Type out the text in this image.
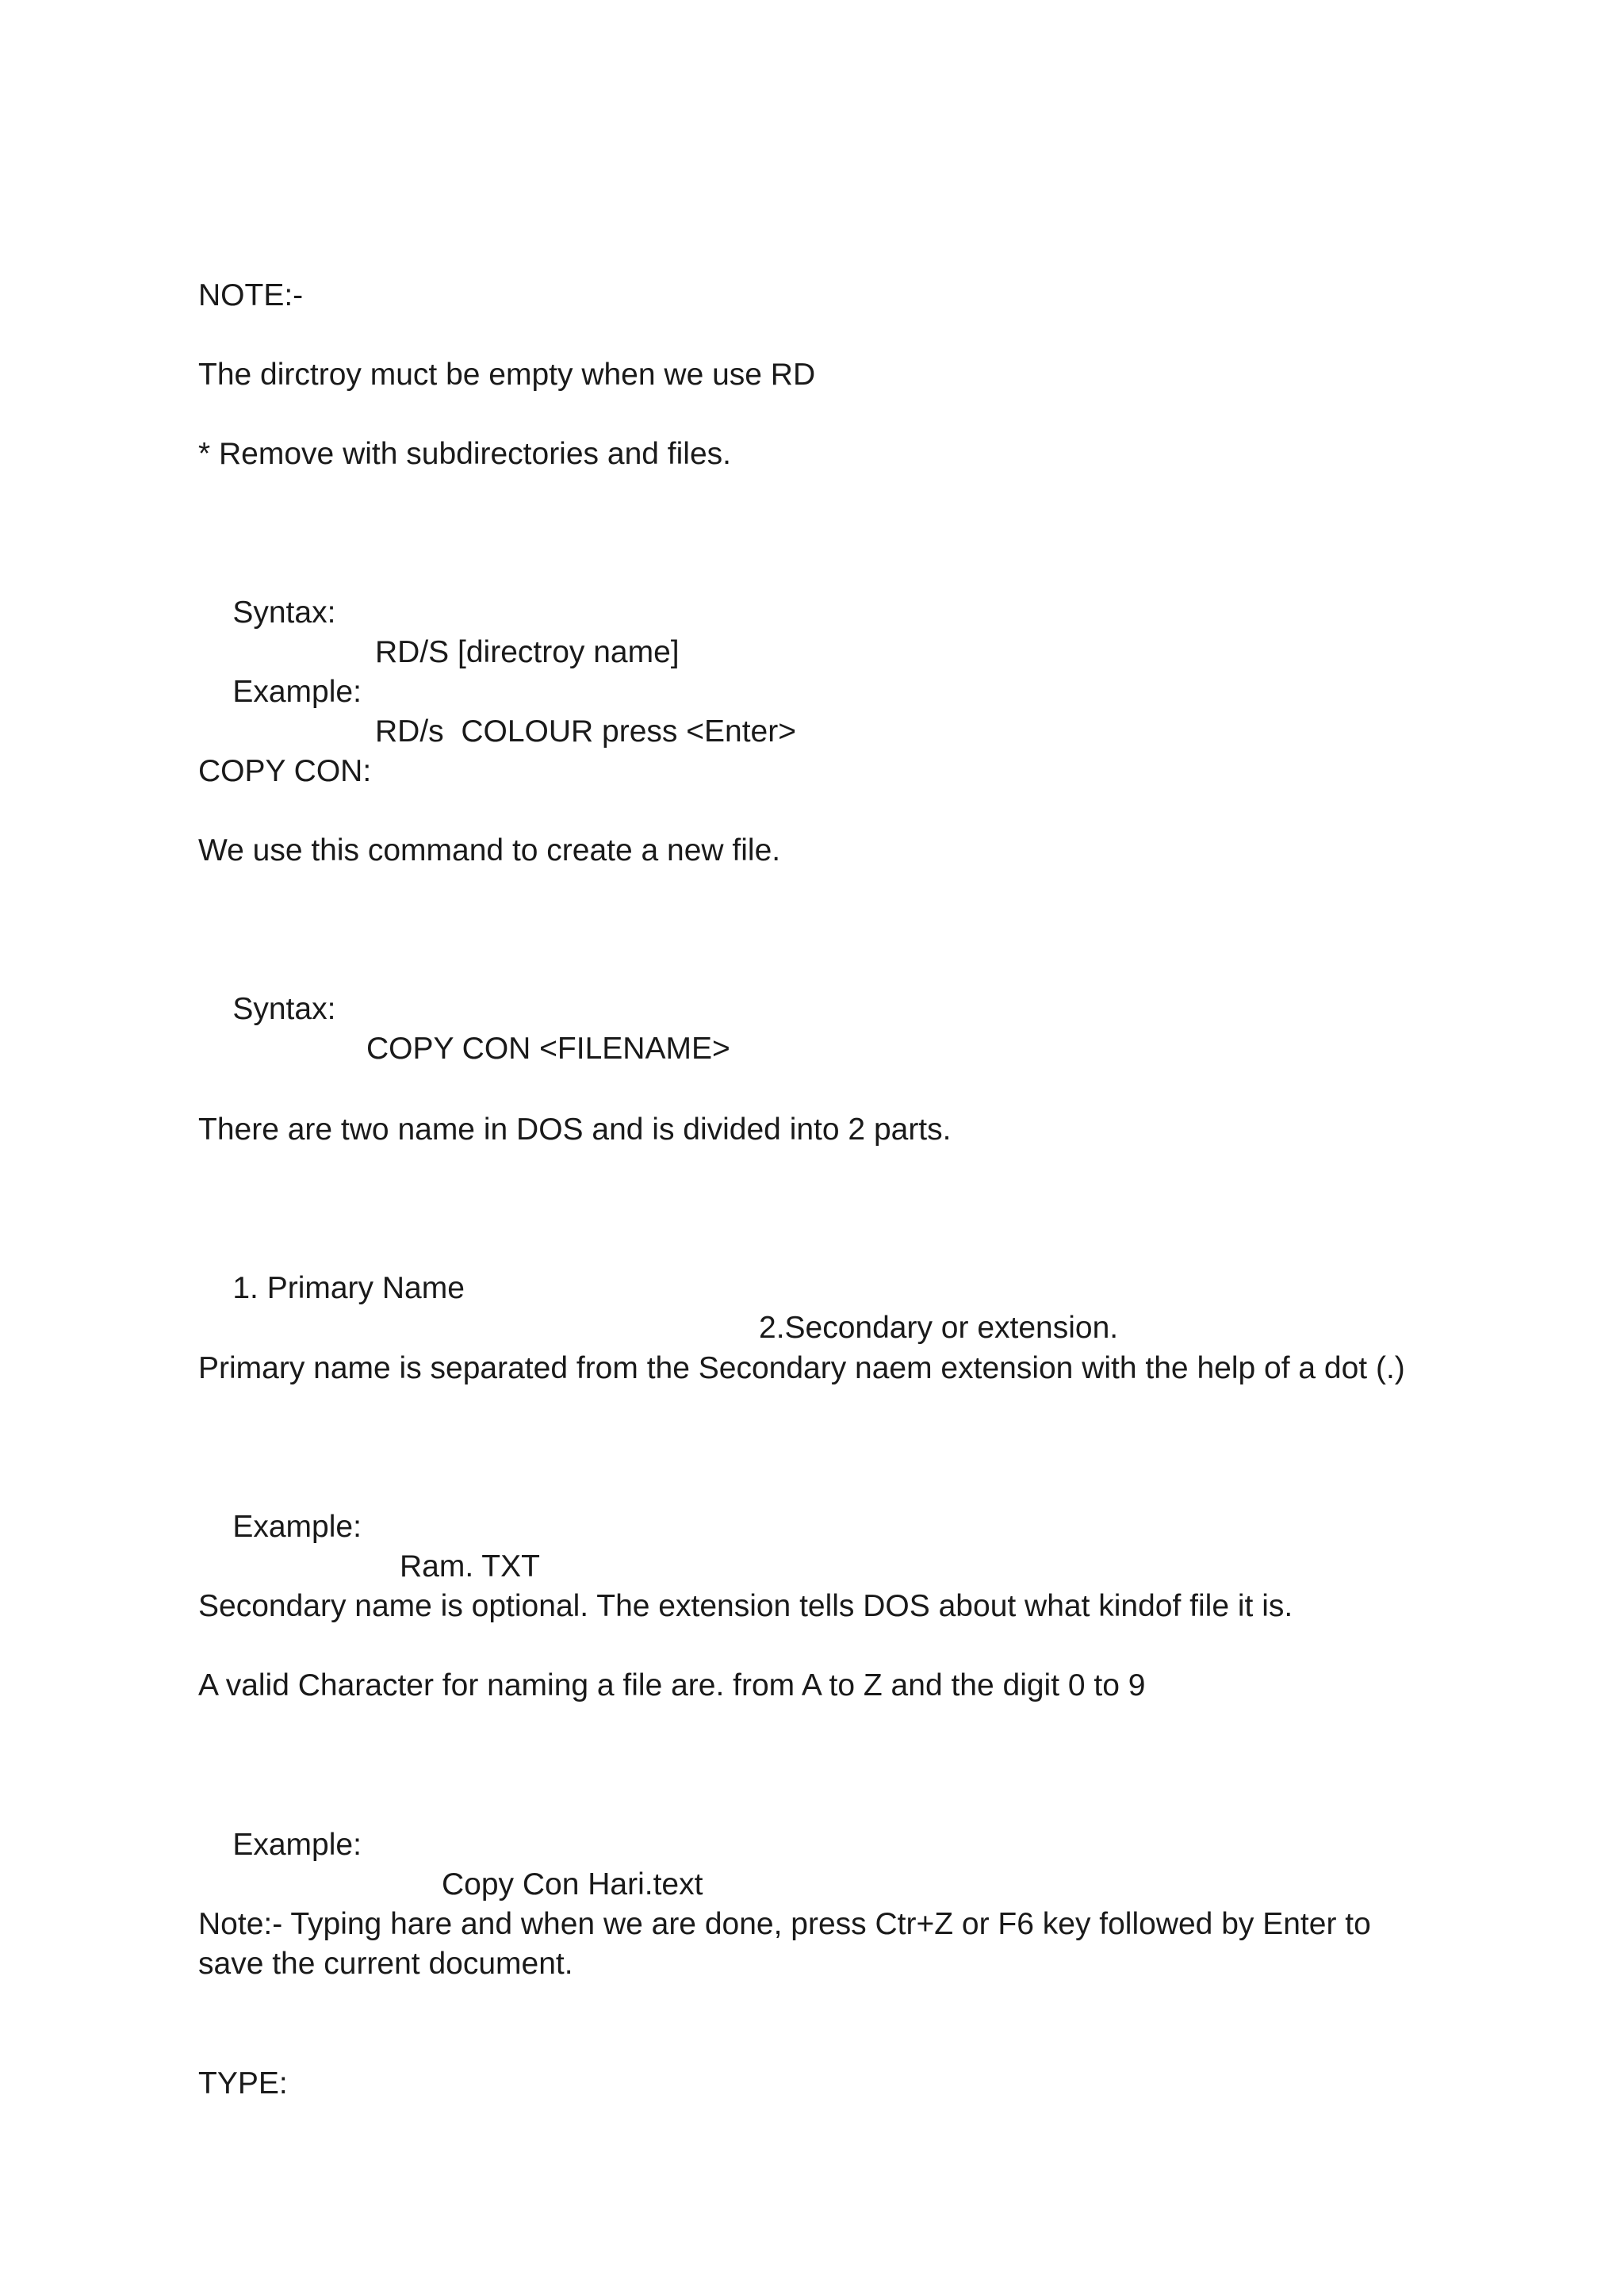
NOTE:-

The dirctroy muct be empty when we use RD

* Remove with subdirectories and files.

Syntax:

RD/S [directroy name]

Example:

RD/s  COLOUR press <Enter>

COPY CON:

We use this command to create a new file.

Syntax:

COPY CON <FILENAME>

There are two name in DOS and is divided into 2 parts.

1. Primary Name

2.Secondary or extension.

Primary name is separated from the Secondary naem extension with the help of a dot (.)

Example:

Ram. TXT

Secondary name is optional. The extension tells DOS about what kindof file it is.

A valid Character for naming a file are. from A to Z and the digit 0 to 9

Example:

Copy Con Hari.text

Note:- Typing hare and when we are done, press Ctr+Z or F6 key followed by Enter to save the current document.

TYPE:
